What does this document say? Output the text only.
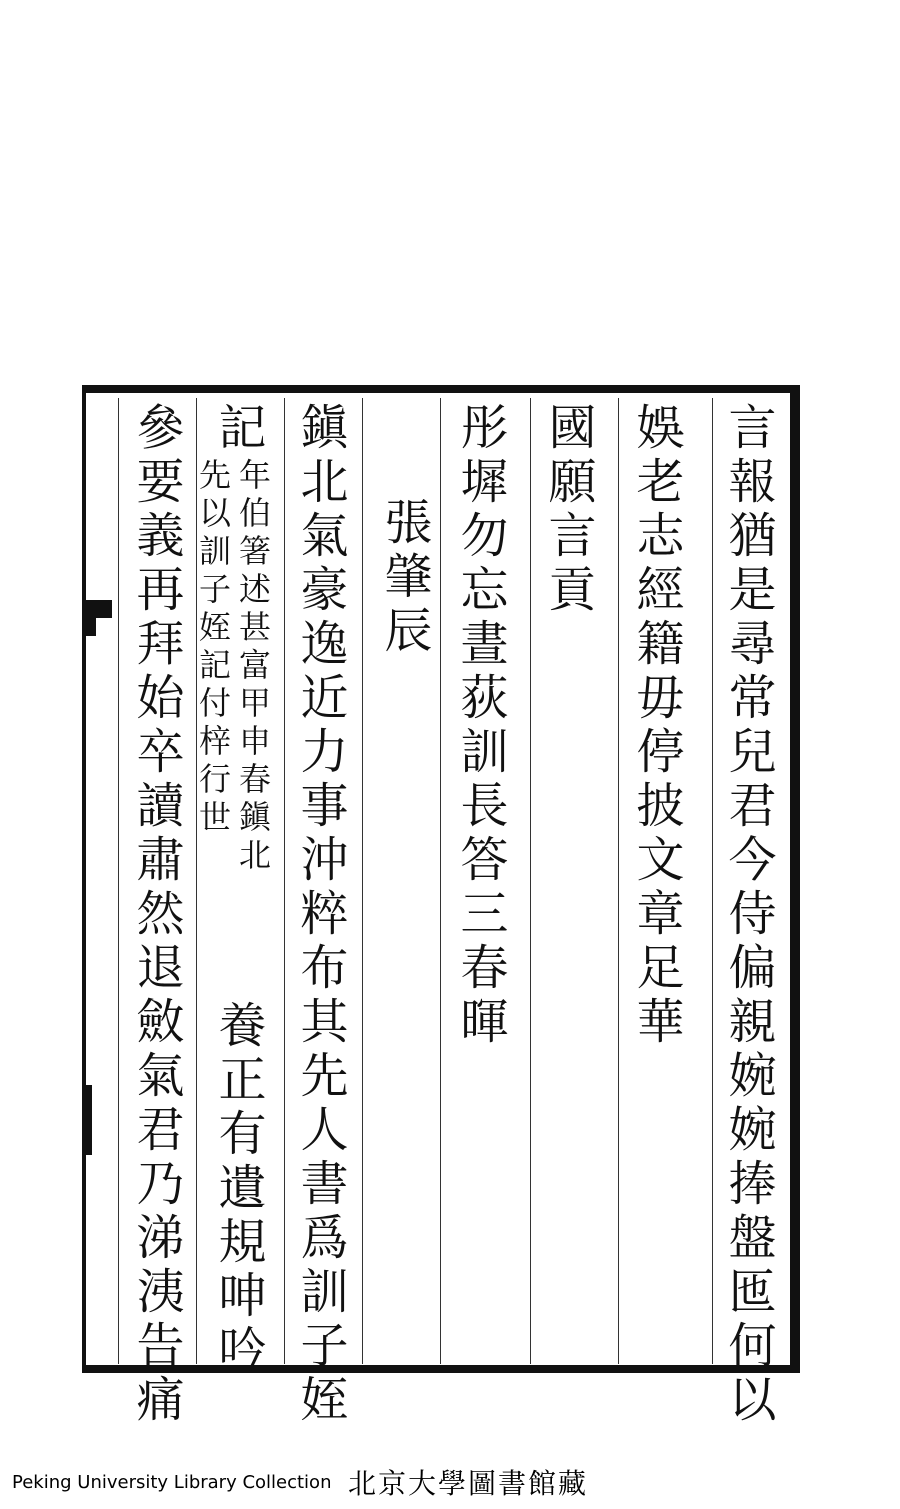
言報猶是尋常兒君今侍偏親婉婉捧盤匜何以
娛老志經籍毋停披文章足華
國願言貢
彤墀勿忘晝荻訓長答三春暉
張肇辰
鎭北氣豪逸近力事沖粹布其先人書爲訓子姪
記
年伯箸述甚富甲申春鎭北
先以訓子姪記付梓行世
養正有遺規呻吟
參要義再拜始卒讀肅然退斂氣君乃涕洟告痛
Peking University Library Collection 北京大學圖書館藏
